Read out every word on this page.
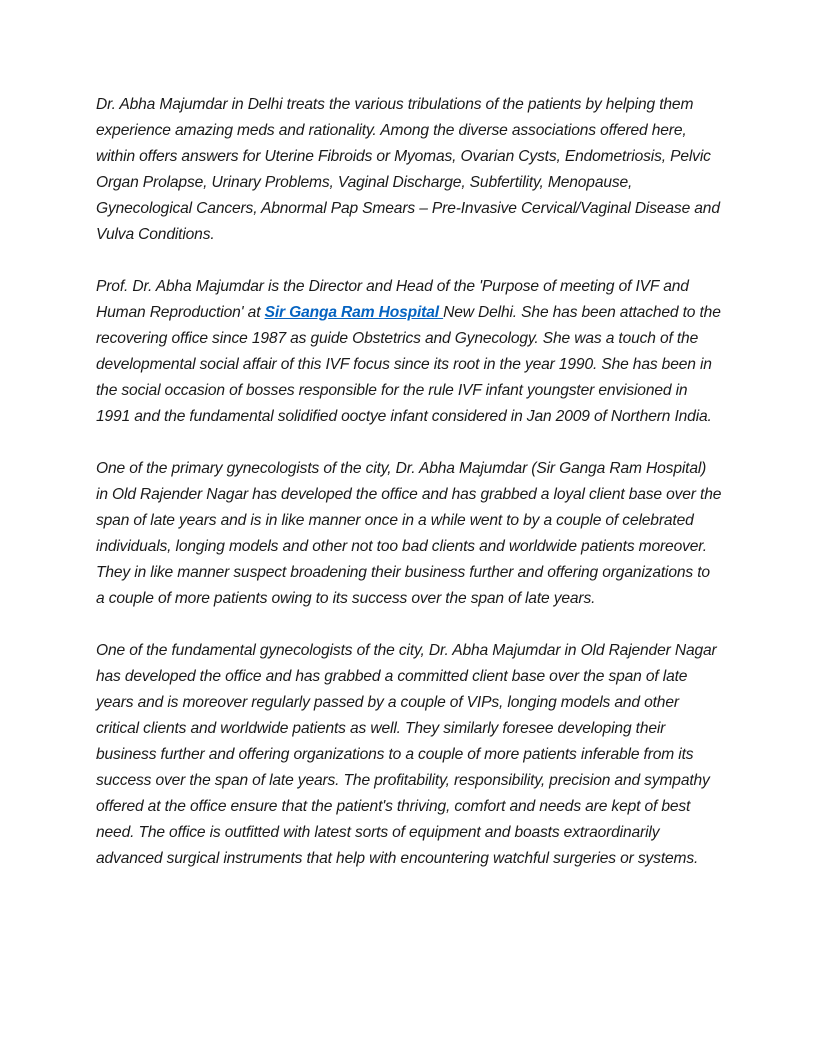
Dr. Abha Majumdar in Delhi treats the various tribulations of the patients by helping them experience amazing meds and rationality. Among the diverse associations offered here, within offers answers for Uterine Fibroids or Myomas, Ovarian Cysts, Endometriosis, Pelvic Organ Prolapse, Urinary Problems, Vaginal Discharge, Subfertility, Menopause, Gynecological Cancers, Abnormal Pap Smears – Pre-Invasive Cervical/Vaginal Disease and Vulva Conditions.

Prof. Dr. Abha Majumdar is the Director and Head of the 'Purpose of meeting of IVF and Human Reproduction' at Sir Ganga Ram Hospital New Delhi. She has been attached to the recovering office since 1987 as guide Obstetrics and Gynecology. She was a touch of the developmental social affair of this IVF focus since its root in the year 1990. She has been in the social occasion of bosses responsible for the rule IVF infant youngster envisioned in 1991 and the fundamental solidified ooctye infant considered in Jan 2009 of Northern India.

One of the primary gynecologists of the city, Dr. Abha Majumdar (Sir Ganga Ram Hospital) in Old Rajender Nagar has developed the office and has grabbed a loyal client base over the span of late years and is in like manner once in a while went to by a couple of celebrated individuals, longing models and other not too bad clients and worldwide patients moreover. They in like manner suspect broadening their business further and offering organizations to a couple of more patients owing to its success over the span of late years.

One of the fundamental gynecologists of the city, Dr. Abha Majumdar in Old Rajender Nagar has developed the office and has grabbed a committed client base over the span of late years and is moreover regularly passed by a couple of VIPs, longing models and other critical clients and worldwide patients as well. They similarly foresee developing their business further and offering organizations to a couple of more patients inferable from its success over the span of late years. The profitability, responsibility, precision and sympathy offered at the office ensure that the patient's thriving, comfort and needs are kept of best need. The office is outfitted with latest sorts of equipment and boasts extraordinarily advanced surgical instruments that help with encountering watchful surgeries or systems.
